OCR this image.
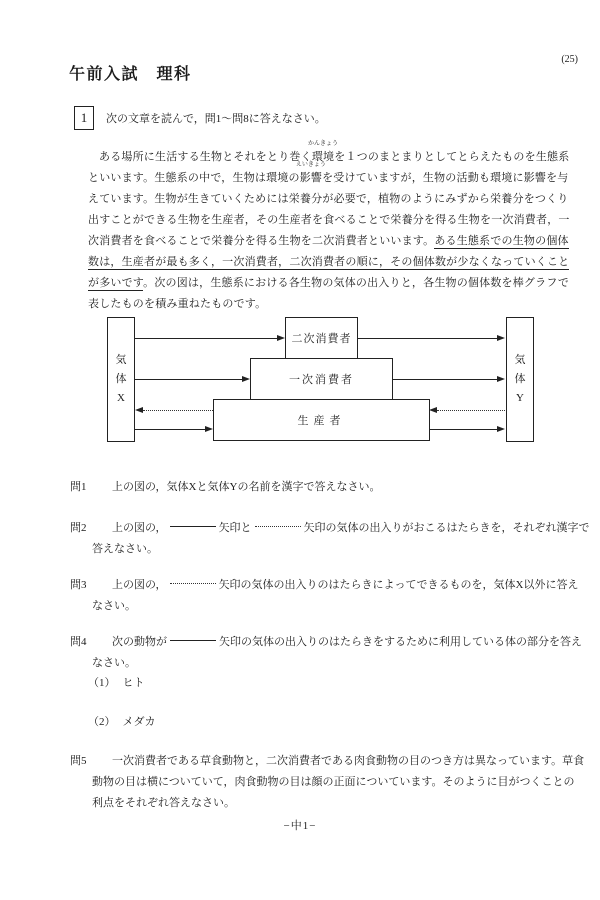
(25)
午前入試　理科
1 次の文章を読んで，問1〜問8に答えなさい。
ある場所に生活する生物とそれをとり巻く環境
かんきょう
を１つのまとまりとしてとらえたものを生態系
といいます。生態系の中で，生物は環境の影響
えいきょう
を受けていますが，生物の活動も環境に影響を与
えています。生物が生きていくためには栄養分が必要で，植物のようにみずから栄養分をつくり
出すことができる生物を生産者，その生産者を食べることで栄養分を得る生物を一次消費者，一
次消費者を食べることで栄養分を得る生物を二次消費者といいます。ある生態系での生物の個体
数は，生産者が最も多く，一次消費者，二次消費者の順に，その個体数が少なくなっていくこと
が多いです。次の図は，生態系における各生物の気体の出入りと，各生物の個体数を棒グラフで
表したものを積み重ねたものです。
気
体
X
気
体
Y
二次消費者
一次消費者
生産者
問1 上の図の，気体Xと気体Yの名前を漢字で答えなさい。
問2 上の図の，	矢印と	矢印の気体の出入りがおこるはたらきを，それぞれ漢字で
答えなさい。
問3 上の図の，	矢印の気体の出入りのはたらきによってできるものを，気体X以外に答え
なさい。
問4 次の動物が	矢印の気体の出入りのはたらきをするために利用している体の部分を答え
なさい。
問5 一次消費者である草食動物と，二次消費者である肉食動物の目のつき方は異なっています。草食
動物の目は横についていて，肉食動物の目は顔の正面についています。そのように目がつくことの
利点をそれぞれ答えなさい。
（1） ヒト
（2） メダカ
−中1−
